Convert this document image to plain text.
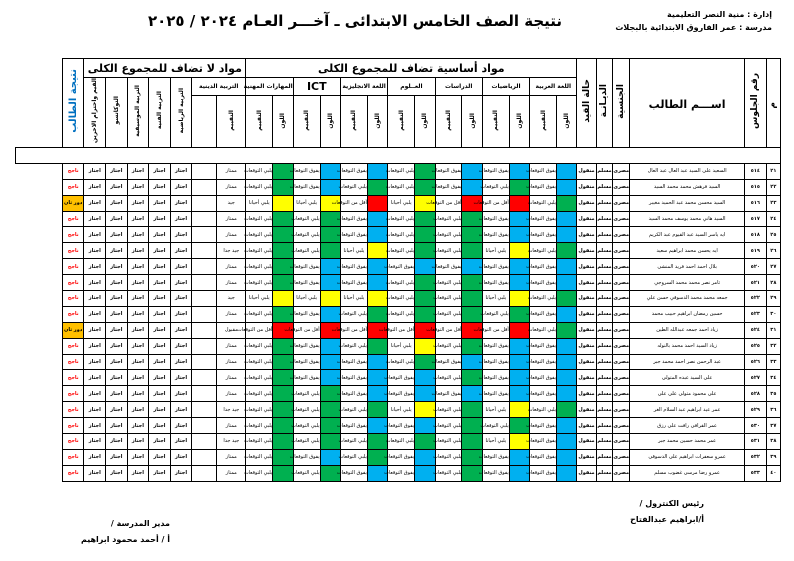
إدارة : منية النصر التعليمية
مدرسة : عمر الفاروق الابتدائية بالبجلات
نتيجة الصف الخامس الابتدائى ـ آخـــر العـام ٢٠٢٤ / ٢٠٢٥
م	رقم الجلوس	اســـم الطالب	الجنسية	الديـانـة	حالة القيد	مواد أساسية تضاف للمجموع الكلى														مواد لا تضاف للمجموع الكلى							نتيجة الطالب
						اللغة العربية		الرياضيات		الدراسات		العــلوم		اللغة الانجليزية		ICT		المهارات المهنية		التربية الدينية		التربية الرياضية	التربية الفنية	التربية الموسيقية	التوكاتسو	القيم واحترام الاخرين	
						اللون	التقييم	اللون	التقييم	اللون	التقييم	اللون	التقييم	اللون	التقييم	اللون	التقييم	اللون	التقييم	التقييم							

٢١	٥١٤	السعيد على السيد عبد العال عبد العال	مصرى	مسلم	منقول		يفوق التوقعات		يفوق التوقعات		يفوق التوقعات		يلبي التوقعات		يفوق التوقعات		يفوق التوقعات		يلبي التوقعات	ممتاز		اجتاز	اجتاز	اجتاز	اجتاز	اجتاز	ناجح
٢٢	٥١٥	السيد فرهش محمد محمد السيد	مصرى	مسلم	منقول		يفوق التوقعات		يلبي التوقعات		يفوق التوقعات		يلبي التوقعات		يلبي التوقعات		يفوق التوقعات		يلبي التوقعات	ممتاز		اجتاز	اجتاز	اجتاز	اجتاز	اجتاز	ناجح
٢٣	٥١٦	السيد محسن محمد عبد الحميد مغيبر	مصرى	مسلم	منقول		يلبي التوقعات		أقل من التوقعات		أقل من التوقعات		يلبي أحيانا		أقل من التوقعات		يلبي أحيانا		يلبي أحيانا	جيد		اجتاز	اجتاز	اجتاز	اجتاز	اجتاز	دور ثان
٢٤	٥١٧	السيد هاني محمد يوسف محمد السيد	مصرى	مسلم	منقول		يفوق التوقعات		يفوق التوقعات		يلبي التوقعات		يلبي التوقعات		يفوق التوقعات		يلبي التوقعات		يلبي التوقعات	ممتاز		اجتاز	اجتاز	اجتاز	اجتاز	اجتاز	ناجح
٢٥	٥١٨	ايه ياسر السيد عبد القيوم عبد الكريم	مصرى	مسلم	منقول		يفوق التوقعات		يفوق التوقعات		يلبي التوقعات		يلبي التوقعات		يفوق التوقعات		يلبي التوقعات		يلبي التوقعات	ممتاز		اجتاز	اجتاز	اجتاز	اجتاز	اجتاز	ناجح
٢٦	٥١٩	ايه يحسن محمد ابراهيم سعيد	مصرى	مسلم	منقول		يلبي التوقعات		يلبي أحيانا		يلبي التوقعات		يلبي التوقعات		يلبي أحيانا		يلبي التوقعات		يلبي التوقعات	جيد جدا		اجتاز	اجتاز	اجتاز	اجتاز	اجتاز	ناجح
٢٧	٥٢٠	بلال احمد احمد فريد المنشى	مصرى	مسلم	منقول		يفوق التوقعات		يفوق التوقعات		يفوق التوقعات		يفوق التوقعات		يفوق التوقعات		يفوق التوقعات		يلبي التوقعات	ممتاز		اجتاز	اجتاز	اجتاز	اجتاز	اجتاز	ناجح
٢٨	٥٢١	ثامر نصر محمد محمد السروجي	مصرى	مسلم	منقول		يفوق التوقعات		يفوق التوقعات		يلبي التوقعات		يلبي التوقعات		يفوق التوقعات		يفوق التوقعات		يلبي التوقعات	ممتاز		اجتاز	اجتاز	اجتاز	اجتاز	اجتاز	ناجح
٢٩	٥٢٢	جمعه محمد محمد الدسوقي حسن علي	مصرى	مسلم	منقول		يلبي التوقعات		يلبي أحيانا		يلبي التوقعات		يلبي التوقعات		يلبي أحيانا		يلبي أحيانا		يلبي أحيانا	جيد		اجتاز	اجتاز	اجتاز	اجتاز	اجتاز	ناجح
٣٠	٥٢٣	حسين رمضان ابراهيم حبيب محمد	مصرى	مسلم	منقول		يفوق التوقعات		يلبي التوقعات		يلبي التوقعات		يلبي التوقعات		يلبي التوقعات		يفوق التوقعات		يلبي التوقعات	ممتاز		اجتاز	اجتاز	اجتاز	اجتاز	اجتاز	ناجح
٣١	٥٢٤	زياد احمد جمعه عبدالله الطين	مصرى	مسلم	منقول		يلبي التوقعات		أقل من التوقعات		أقل من التوقعات		أقل من التوقعات		أقل من التوقعات		أقل من التوقعات		أقل من التوقعات	مقبول		اجتاز	اجتاز	اجتاز	اجتاز	اجتاز	دور ثان
٣٢	٥٢٥	زياد السيد احمد محمد بالنوله	مصرى	مسلم	منقول		يفوق التوقعات		يفوق التوقعات		يلبي التوقعات		يلبي أحيانا		يلبي التوقعات		يفوق التوقعات		يلبي التوقعات	ممتاز		اجتاز	اجتاز	اجتاز	اجتاز	اجتاز	ناجح
٣٣	٥٢٦	عبد الرحمن نصر احمد محمد جبر	مصرى	مسلم	منقول		يفوق التوقعات		يفوق التوقعات		يفوق التوقعات		يلبي التوقعات		يفوق التوقعات		يفوق التوقعات		يلبي التوقعات	ممتاز		اجتاز	اجتاز	اجتاز	اجتاز	اجتاز	ناجح
٣٤	٥٢٧	على السيد عبده المتولى	مصرى	مسلم	منقول		يفوق التوقعات		يفوق التوقعات		يلبي التوقعات		يفوق التوقعات		يفوق التوقعات		يفوق التوقعات		يلبي التوقعات	ممتاز		اجتاز	اجتاز	اجتاز	اجتاز	اجتاز	ناجح
٣٥	٥٢٨	على محمود متولى على على	مصرى	مسلم	منقول		يفوق التوقعات		يفوق التوقعات		يفوق التوقعات		يفوق التوقعات		يفوق التوقعات		يلبي التوقعات		يلبي التوقعات	ممتاز		اجتاز	اجتاز	اجتاز	اجتاز	اجتاز	ناجح
٣٦	٥٢٩	عمر عيد ابراهيم عبد السلام الغر	مصرى	مسلم	منقول		يلبي التوقعات		يلبي أحيانا		يلبي التوقعات		يلبي أحيانا		يلبي التوقعات		يلبي التوقعات		يلبي التوقعات	جيد جدا		اجتاز	اجتاز	اجتاز	اجتاز	اجتاز	ناجح
٣٧	٥٣٠	عمر القرافى رافت على رزق	مصرى	مسلم	منقول		يفوق التوقعات		يلبي التوقعات		يلبي التوقعات		يفوق التوقعات		يفوق التوقعات		يلبي التوقعات		يلبي التوقعات	ممتاز		اجتاز	اجتاز	اجتاز	اجتاز	اجتاز	ناجح
٣٨	٥٣١	عمر محمد حسين محمد جبر	مصرى	مسلم	منقول		يفوق التوقعات		يلبي أحيانا		يلبي التوقعات		يلبي التوقعات		يلبي التوقعات		يلبي التوقعات		يلبي التوقعات	جيد جدا		اجتاز	اجتاز	اجتاز	اجتاز	اجتاز	ناجح
٣٩	٥٣٢	عمرو سعفرات ابراهيم على الدسوقى	مصرى	مسلم	منقول		يفوق التوقعات		يفوق التوقعات		يلبي التوقعات		يفوق التوقعات		يلبي التوقعات		يفوق التوقعات		يلبي التوقعات	ممتاز		اجتاز	اجتاز	اجتاز	اجتاز	اجتاز	ناجح
٤٠	٥٣٣	عمرو رضا مرسى غضوب مسلم	مصرى	مسلم	منقول		يفوق التوقعات		يفوق التوقعات		يلبي التوقعات		يفوق التوقعات		يفوق التوقعات		يلبي التوقعات		يلبي التوقعات	ممتاز		اجتاز	اجتاز	اجتاز	اجتاز	اجتاز	ناجح
رئيس الكنترول /
أ/ابراهيم عبدالفتاح
مدير المدرسة /
أ / أحمد محمود ابراهيم
